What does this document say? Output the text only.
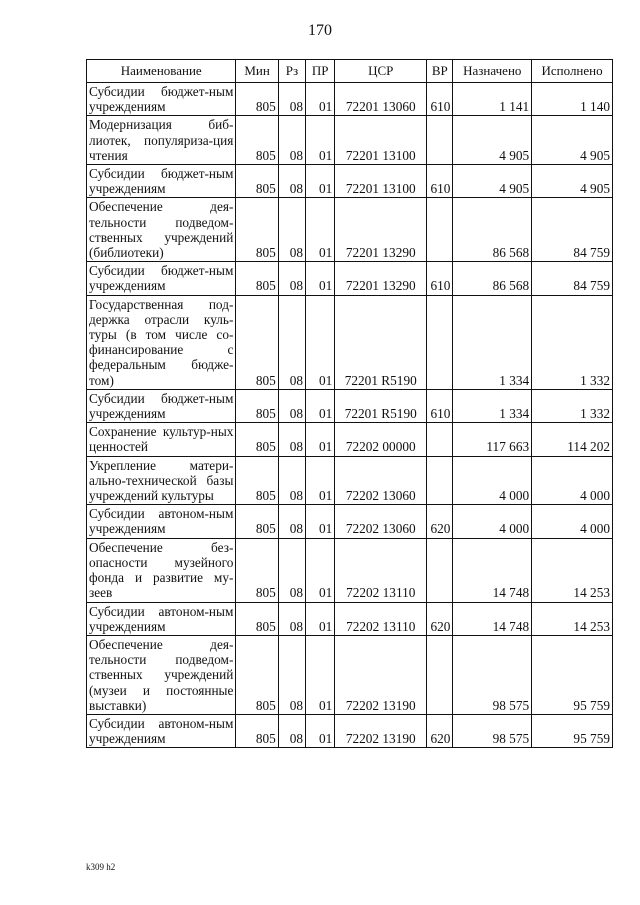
170
Наименование	Мин	Рз	ПР	ЦСР	ВР	Назначено	Исполнено
Субсидии бюджет-ным учреждениям	805	08	01	72201 13060	610	1 141	1 140
Модернизация биб-лиотек, популяриза-ция чтения	805	08	01	72201 13100		4 905	4 905
Субсидии бюджет-ным учреждениям	805	08	01	72201 13100	610	4 905	4 905
Обеспечение дея-тельности подведом-ственных учреждений (библиотеки)	805	08	01	72201 13290		86 568	84 759
Субсидии бюджет-ным учреждениям	805	08	01	72201 13290	610	86 568	84 759
Государственная под-держка отрасли куль-туры (в том числе со-финансирование с федеральным бюдже-том)	805	08	01	72201 R5190		1 334	1 332
Субсидии бюджет-ным учреждениям	805	08	01	72201 R5190	610	1 334	1 332
Сохранение культур-ных ценностей	805	08	01	72202 00000		117 663	114 202
Укрепление матери-ально-технической базы учреждений культуры	805	08	01	72202 13060		4 000	4 000
Субсидии автоном-ным учреждениям	805	08	01	72202 13060	620	4 000	4 000
Обеспечение без-опасности музейного фонда и развитие му-зеев	805	08	01	72202 13110		14 748	14 253
Субсидии автоном-ным учреждениям	805	08	01	72202 13110	620	14 748	14 253
Обеспечение дея-тельности подведом-ственных учреждений (музеи и постоянные выставки)	805	08	01	72202 13190		98 575	95 759
Субсидии автоном-ным учреждениям	805	08	01	72202 13190	620	98 575	95 759
k309 h2
